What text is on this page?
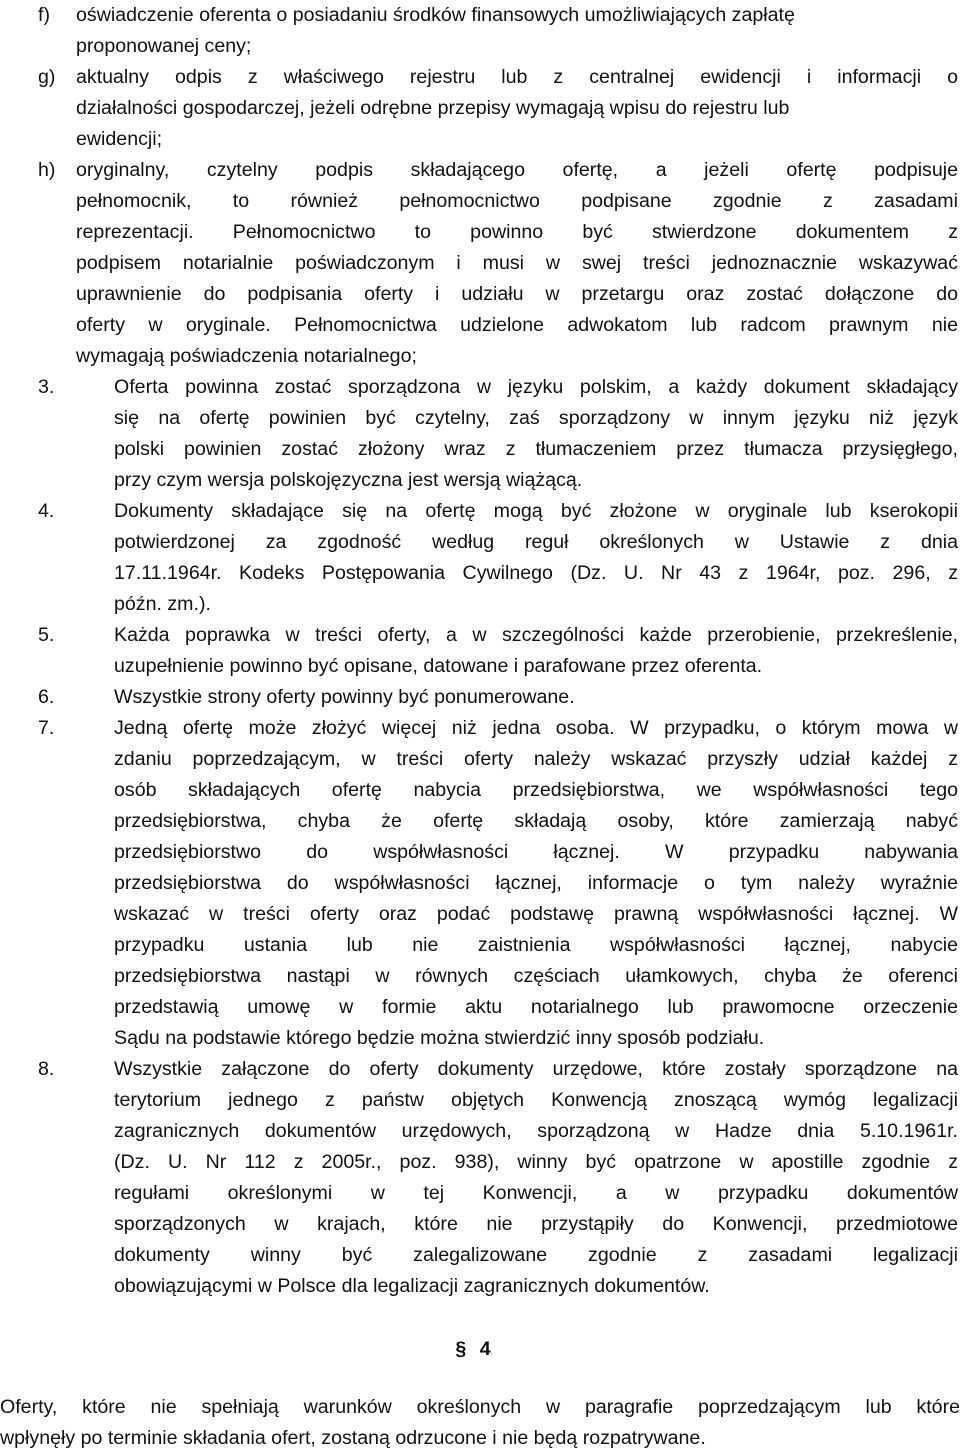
f) oświadczenie oferenta o posiadaniu środków finansowych umożliwiających zapłatę
proponowanej ceny;
g) aktualny odpis z właściwego rejestru lub z centralnej ewidencji i informacji o
działalności gospodarczej, jeżeli odrębne przepisy wymagają wpisu do rejestru lub
ewidencji;
h) oryginalny, czytelny podpis składającego ofertę, a jeżeli ofertę podpisuje
pełnomocnik, to również pełnomocnictwo podpisane zgodnie z zasadami
reprezentacji. Pełnomocnictwo to powinno być stwierdzone dokumentem z
podpisem notarialnie poświadczonym i musi w swej treści jednoznacznie wskazywać
uprawnienie do podpisania oferty i udziału w przetargu oraz zostać dołączone do
oferty w oryginale. Pełnomocnictwa udzielone adwokatom lub radcom prawnym nie
wymagają poświadczenia notarialnego;
3.	Oferta powinna zostać sporządzona w języku polskim, a każdy dokument składający
się na ofertę powinien być czytelny, zaś sporządzony w innym języku niż język
polski powinien zostać złożony wraz z tłumaczeniem przez tłumacza przysięgłego,
przy czym wersja polskojęzyczna jest wersją wiążącą.
4.	Dokumenty składające się na ofertę mogą być złożone w oryginale lub kserokopii
potwierdzonej za zgodność według reguł określonych w Ustawie z dnia
17.11.1964r. Kodeks Postępowania Cywilnego (Dz. U. Nr 43 z 1964r, poz. 296, z
późn. zm.).
5.	Każda poprawka w treści oferty, a w szczególności każde przerobienie, przekreślenie,
uzupełnienie powinno być opisane, datowane i parafowane przez oferenta.
6.	Wszystkie strony oferty powinny być ponumerowane.
7.	Jedną ofertę może złożyć więcej niż jedna osoba. W przypadku, o którym mowa w
zdaniu poprzedzającym, w treści oferty należy wskazać przyszły udział każdej z
osób składających ofertę nabycia przedsiębiorstwa, we współwłasności tego
przedsiębiorstwa, chyba że ofertę składają osoby, które zamierzają nabyć
przedsiębiorstwo do współwłasności łącznej. W przypadku nabywania
przedsiębiorstwa do współwłasności łącznej, informacje o tym należy wyraźnie
wskazać w treści oferty oraz podać podstawę prawną współwłasności łącznej. W
przypadku ustania lub nie zaistnienia współwłasności łącznej, nabycie
przedsiębiorstwa nastąpi w równych częściach ułamkowych, chyba że oferenci
przedstawią umowę w formie aktu notarialnego lub prawomocne orzeczenie
Sądu na podstawie którego będzie można stwierdzić inny sposób podziału.
8.	Wszystkie załączone do oferty dokumenty urzędowe, które zostały sporządzone na
terytorium jednego z państw objętych Konwencją znoszącą wymóg legalizacji
zagranicznych dokumentów urzędowych, sporządzoną w Hadze dnia 5.10.1961r.
(Dz. U. Nr 112 z 2005r., poz. 938), winny być opatrzone w apostille zgodnie z
regułami określonymi w tej Konwencji, a w przypadku dokumentów
sporządzonych w krajach, które nie przystąpiły do Konwencji, przedmiotowe
dokumenty winny być zalegalizowane zgodnie z zasadami legalizacji
obowiązującymi w Polsce dla legalizacji zagranicznych dokumentów.
§ 4
Oferty, które nie spełniają warunków określonych w paragrafie poprzedzającym lub które
wpłynęły po terminie składania ofert, zostaną odrzucone i nie będą rozpatrywane.
